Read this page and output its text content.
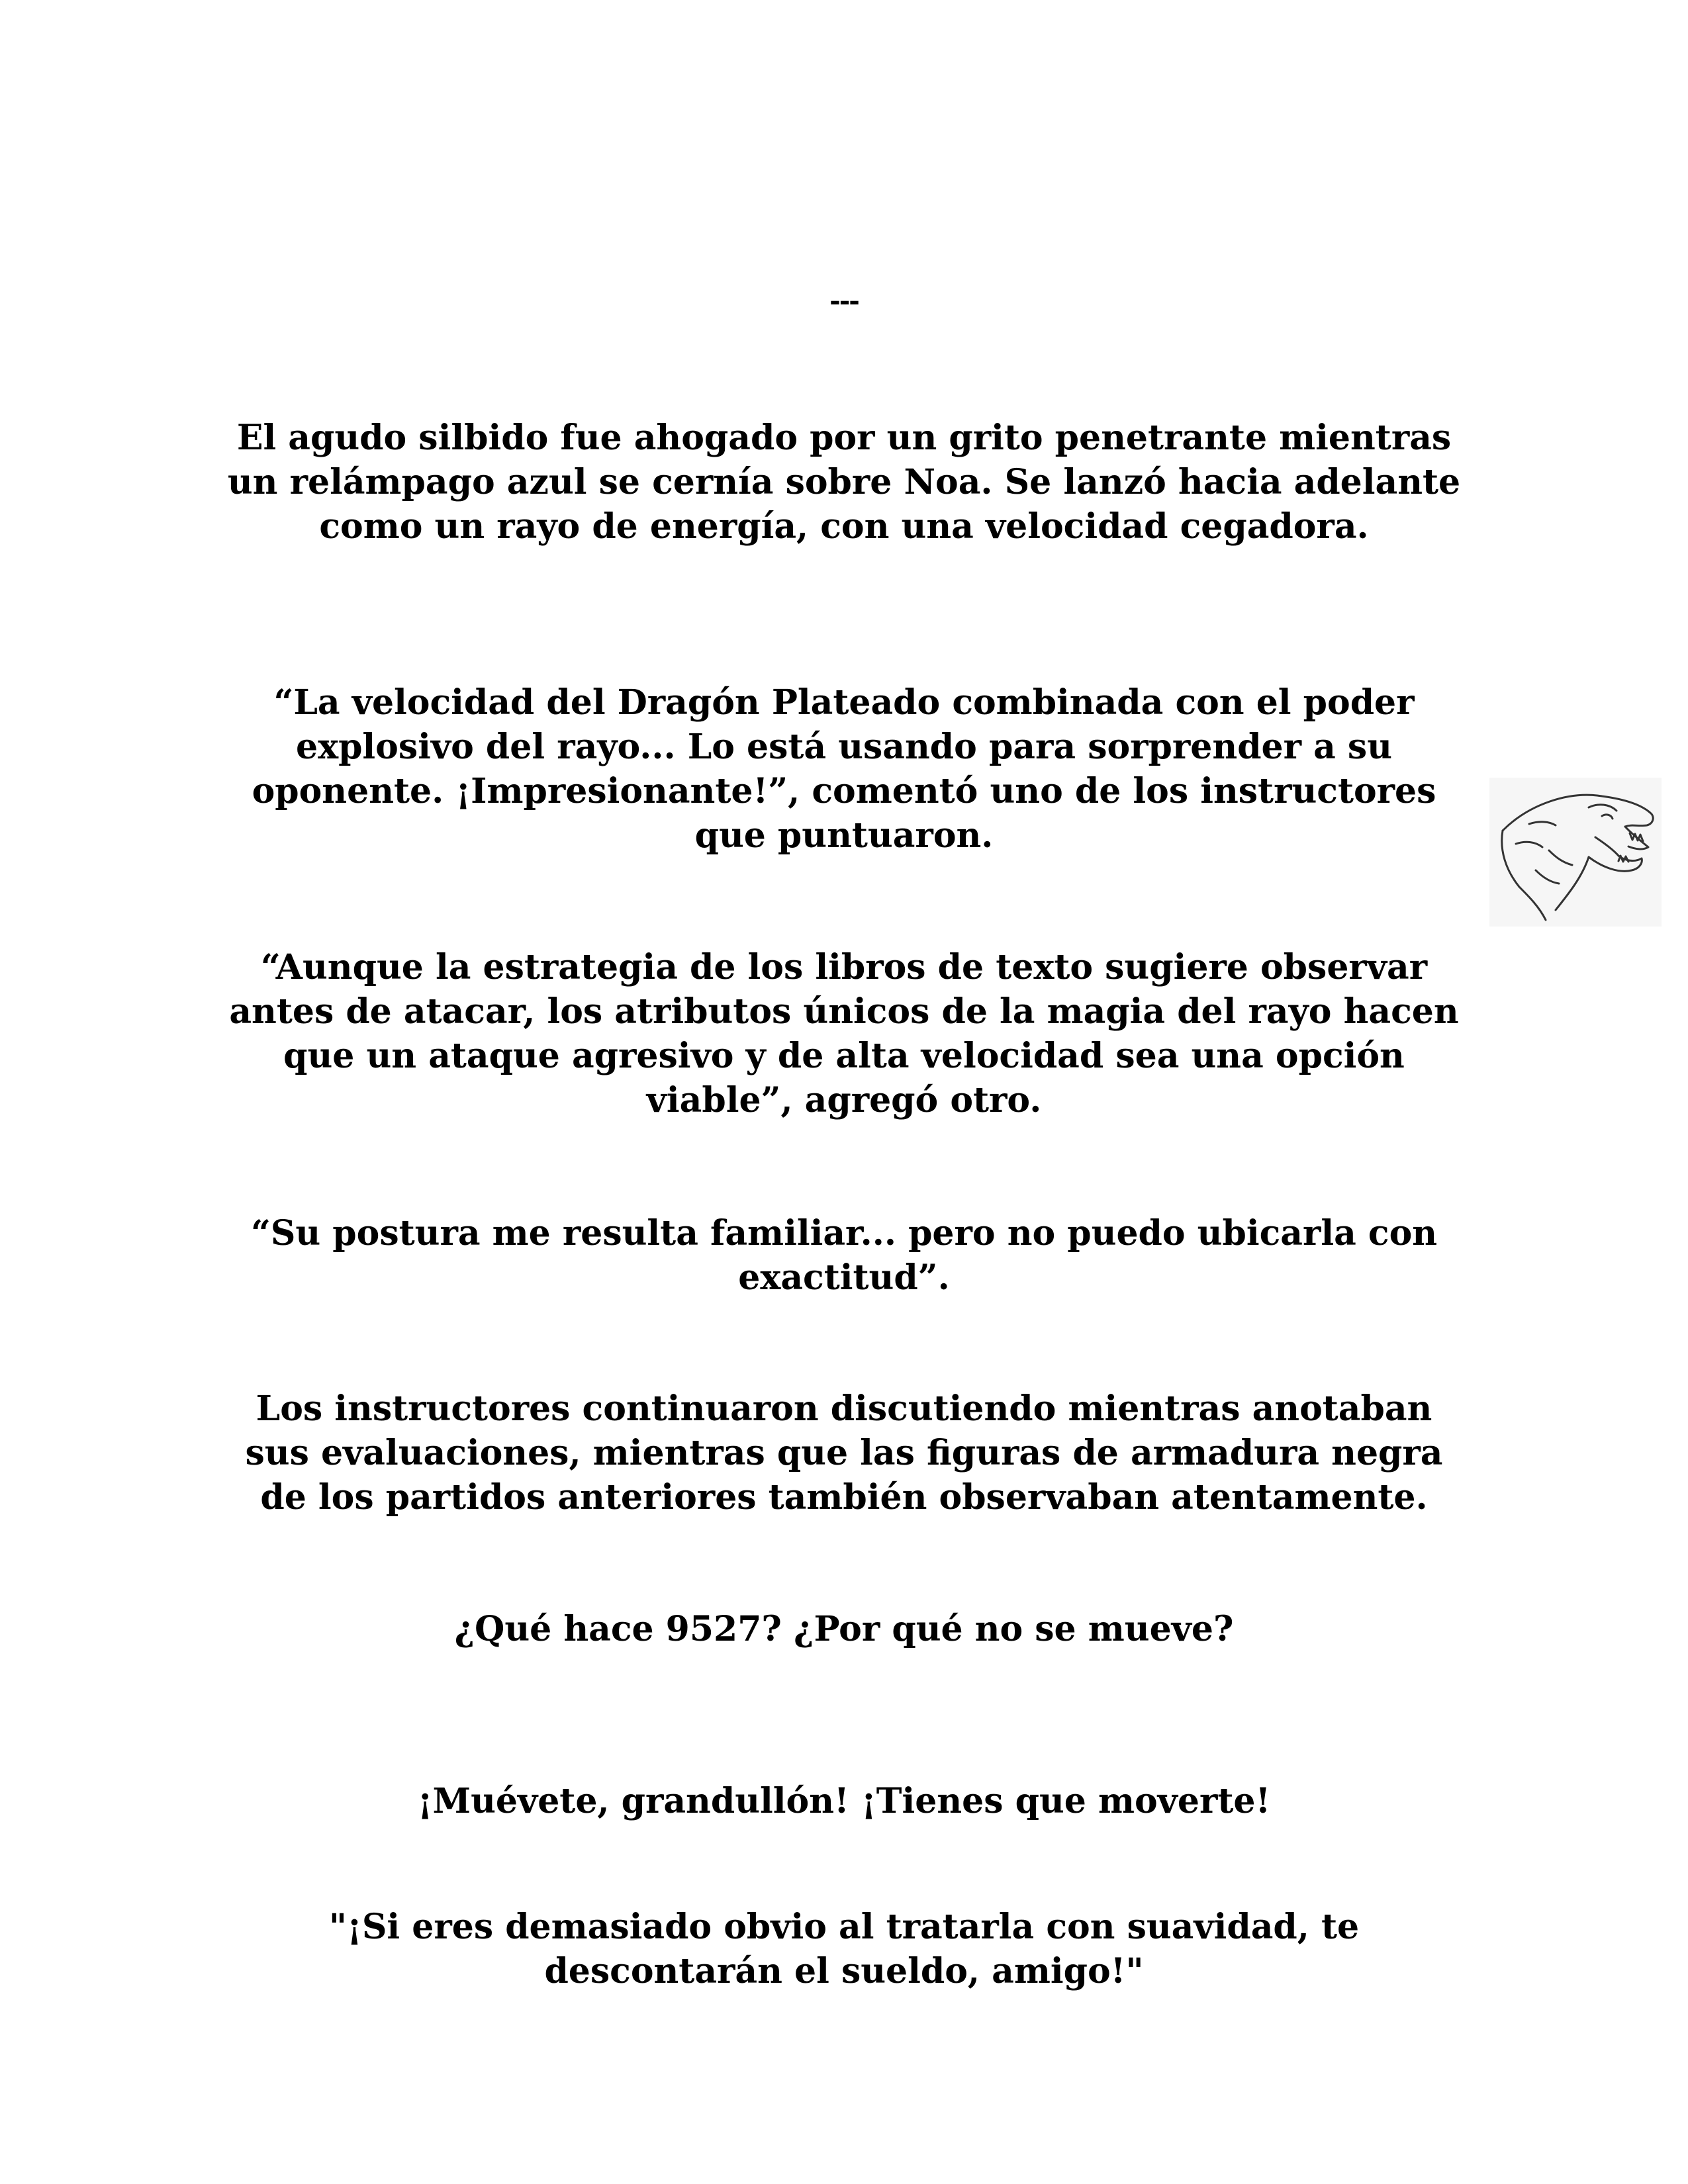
---

El agudo silbido fue ahogado por un grito penetrante mientras un relámpago azul se cernía sobre Noa. Se lanzó hacia adelante como un rayo de energía, con una velocidad cegadora.

“La velocidad del Dragón Plateado combinada con el poder explosivo del rayo... Lo está usando para sorprender a su oponente. ¡Impresionante!”, comentó uno de los instructores que puntuaron.

“Aunque la estrategia de los libros de texto sugiere observar antes de atacar, los atributos únicos de la magia del rayo hacen que un ataque agresivo y de alta velocidad sea una opción viable”, agregó otro.

“Su postura me resulta familiar... pero no puedo ubicarla con exactitud”.

Los instructores continuaron discutiendo mientras anotaban sus evaluaciones, mientras que las figuras de armadura negra de los partidos anteriores también observaban atentamente.

¿Qué hace 9527? ¿Por qué no se mueve?

¡Muévete, grandullón! ¡Tienes que moverte!

"¡Si eres demasiado obvio al tratarla con suavidad, te descontarán el sueldo, amigo!"
